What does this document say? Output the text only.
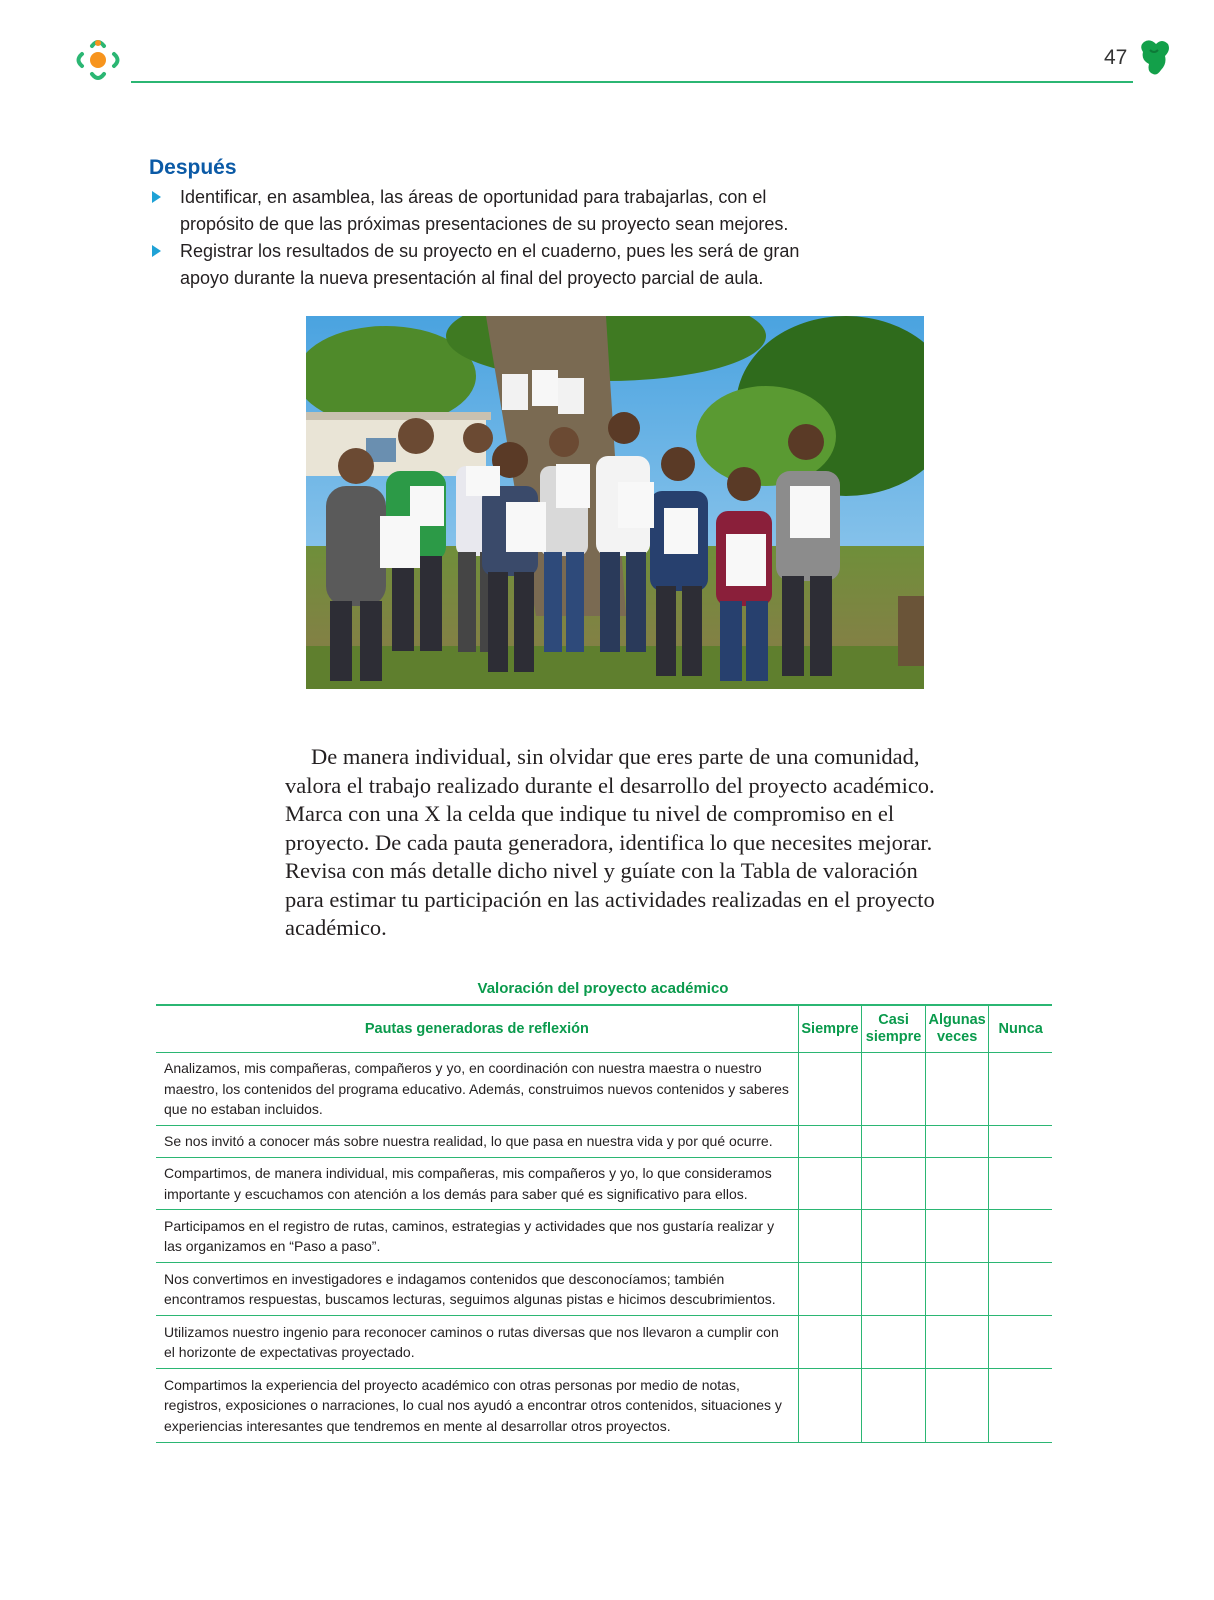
47
Después
Identificar, en asamblea, las áreas de oportunidad para trabajarlas, con el propósito de que las próximas presentaciones de su proyecto sean mejores.
Registrar los resultados de su proyecto en el cuaderno, pues les será de gran apoyo durante la nueva presentación al final del proyecto parcial de aula.

De manera individual, sin olvidar que eres parte de una comunidad, valora el trabajo realizado durante el desarrollo del proyecto académico. Marca con una X la celda que indique tu nivel de compromiso en el proyecto. De cada pauta generadora, identifica lo que necesites mejorar. Revisa con más detalle dicho nivel y guíate con la Tabla de valoración para estimar tu participación en las actividades realizadas en el proyecto académico.

Valoración del proyecto académico
Pautas generadoras de reflexión	Siempre	Casi siempre	Algunas veces	Nunca
Analizamos, mis compañeras, compañeros y yo, en coordinación con nuestra maestra o nuestro maestro, los contenidos del programa educativo. Además, construimos nuevos contenidos y saberes que no estaban incluidos.				
Se nos invitó a conocer más sobre nuestra realidad, lo que pasa en nuestra vida y por qué ocurre.				
Compartimos, de manera individual, mis compañeras, mis compañeros y yo, lo que consideramos importante y escuchamos con atención a los demás para saber qué es significativo para ellos.				
Participamos en el registro de rutas, caminos, estrategias y actividades que nos gustaría realizar y las organizamos en “Paso a paso”.				
Nos convertimos en investigadores e indagamos contenidos que desconocíamos; también encontramos respuestas, buscamos lecturas, seguimos algunas pistas e hicimos descubrimientos.				
Utilizamos nuestro ingenio para reconocer caminos o rutas diversas que nos llevaron a cumplir con el horizonte de expectativas proyectado.				
Compartimos la experiencia del proyecto académico con otras personas por medio de notas, registros, exposiciones o narraciones, lo cual nos ayudó a encontrar otros contenidos, situaciones y experiencias interesantes que tendremos en mente al desarrollar otros proyectos.				
